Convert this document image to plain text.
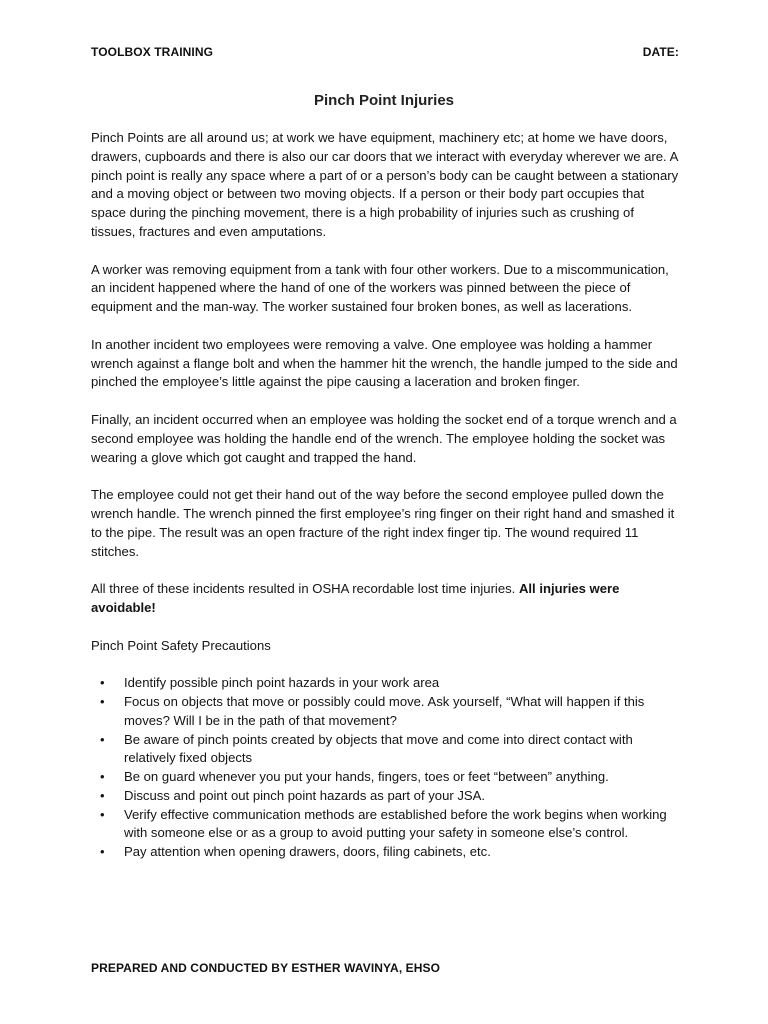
TOOLBOX TRAINING	DATE:
Pinch Point Injuries

Pinch Points are all around us; at work we have equipment, machinery etc; at home we have doors, drawers, cupboards and there is also our car doors that we interact with everyday wherever we are. A pinch point is really any space where a part of or a person’s body can be caught between a stationary and a moving object or between two moving objects. If a person or their body part occupies that space during the pinching movement, there is a high probability of injuries such as crushing of tissues, fractures and even amputations.

A worker was removing equipment from a tank with four other workers. Due to a miscommunication, an incident happened where the hand of one of the workers was pinned between the piece of equipment and the man-way. The worker sustained four broken bones, as well as lacerations.

In another incident two employees were removing a valve. One employee was holding a hammer wrench against a flange bolt and when the hammer hit the wrench, the handle jumped to the side and pinched the employee’s little against the pipe causing a laceration and broken finger.

Finally, an incident occurred when an employee was holding the socket end of a torque wrench and a second employee was holding the handle end of the wrench. The employee holding the socket was wearing a glove which got caught and trapped the hand.

The employee could not get their hand out of the way before the second employee pulled down the wrench handle. The wrench pinned the first employee’s ring finger on their right hand and smashed it to the pipe. The result was an open fracture of the right index finger tip. The wound required 11 stitches.

All three of these incidents resulted in OSHA recordable lost time injuries. All injuries were avoidable!

Pinch Point Safety Precautions

• Identify possible pinch point hazards in your work area
• Focus on objects that move or possibly could move. Ask yourself, “What will happen if this moves? Will I be in the path of that movement?
• Be aware of pinch points created by objects that move and come into direct contact with relatively fixed objects
• Be on guard whenever you put your hands, fingers, toes or feet “between” anything.
• Discuss and point out pinch point hazards as part of your JSA.
• Verify effective communication methods are established before the work begins when working with someone else or as a group to avoid putting your safety in someone else’s control.
• Pay attention when opening drawers, doors, filing cabinets, etc.
PREPARED AND CONDUCTED BY ESTHER WAVINYA, EHSO
